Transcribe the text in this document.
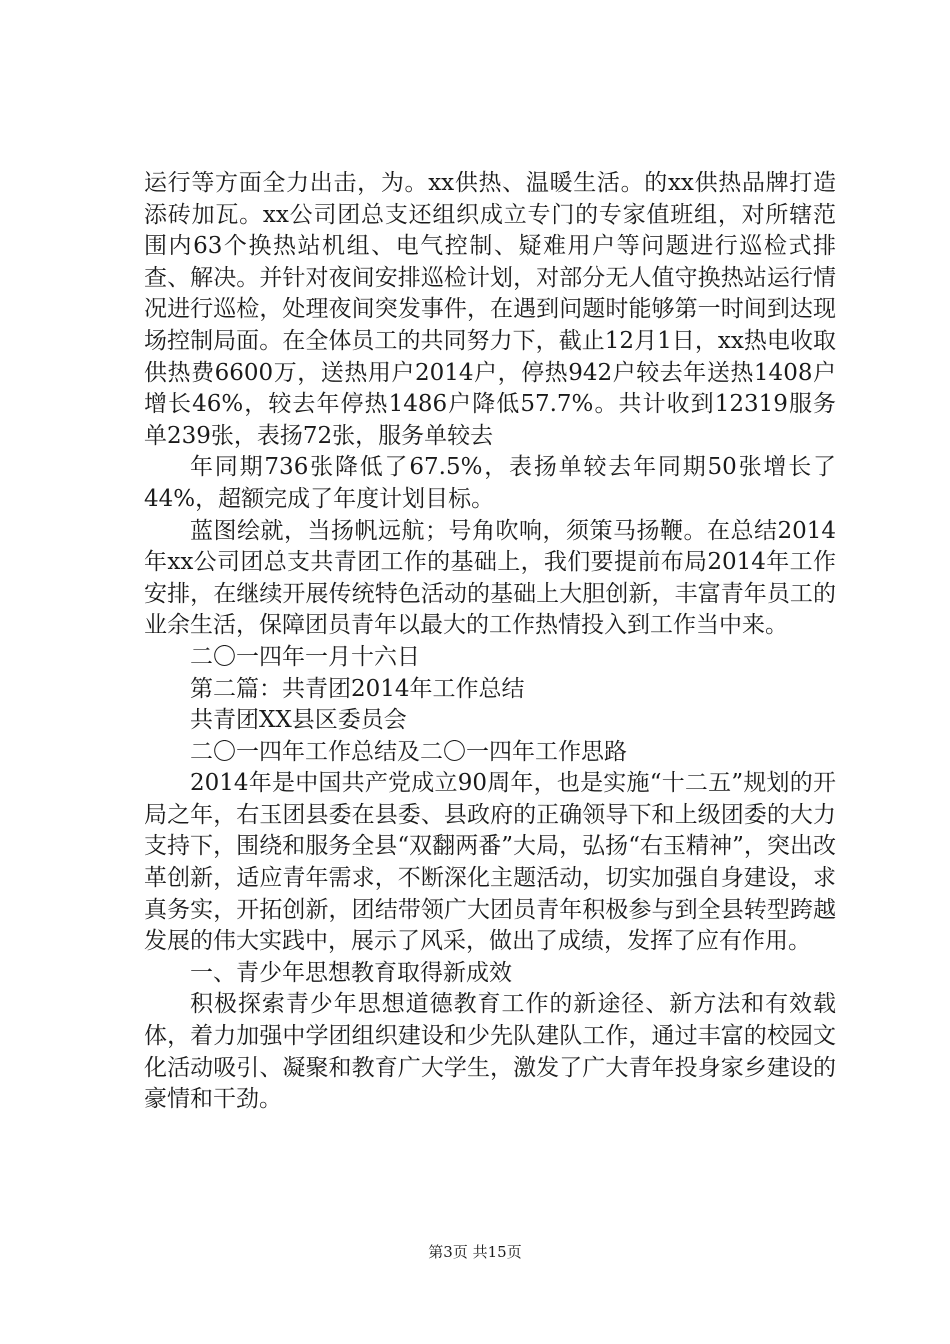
运行等方面全力出击，为。xx供热、温暖生活。的xx供热品牌打造添砖加瓦。xx公司团总支还组织成立专门的专家值班组，对所辖范围内63个换热站机组、电气控制、疑难用户等问题进行巡检式排查、解决。并针对夜间安排巡检计划，对部分无人值守换热站运行情况进行巡检，处理夜间突发事件，在遇到问题时能够第一时间到达现场控制局面。在全体员工的共同努力下，截止12月1日，xx热电收取供热费6600万，送热用户2014户，停热942户较去年送热1408户增长46%，较去年停热1486户降低57.7%。共计收到12319服务单239张，表扬72张，服务单较去

年同期736张降低了67.5%，表扬单较去年同期50张增长了44%，超额完成了年度计划目标。

蓝图绘就，当扬帆远航；号角吹响，须策马扬鞭。在总结2014年xx公司团总支共青团工作的基础上，我们要提前布局2014年工作安排，在继续开展传统特色活动的基础上大胆创新，丰富青年员工的业余生活，保障团员青年以最大的工作热情投入到工作当中来。

二〇一四年一月十六日

第二篇：共青团2014年工作总结

共青团XX县区委员会

二〇一四年工作总结及二〇一四年工作思路

2014年是中国共产党成立90周年，也是实施“十二五”规划的开局之年，右玉团县委在县委、县政府的正确领导下和上级团委的大力支持下，围绕和服务全县“双翻两番”大局，弘扬“右玉精神”，突出改革创新，适应青年需求，不断深化主题活动，切实加强自身建设，求真务实，开拓创新，团结带领广大团员青年积极参与到全县转型跨越发展的伟大实践中，展示了风采，做出了成绩，发挥了应有作用。

一、青少年思想教育取得新成效

积极探索青少年思想道德教育工作的新途径、新方法和有效载体，着力加强中学团组织建设和少先队建队工作，通过丰富的校园文化活动吸引、凝聚和教育广大学生，激发了广大青年投身家乡建设的豪情和干劲。

第3页 共15页
